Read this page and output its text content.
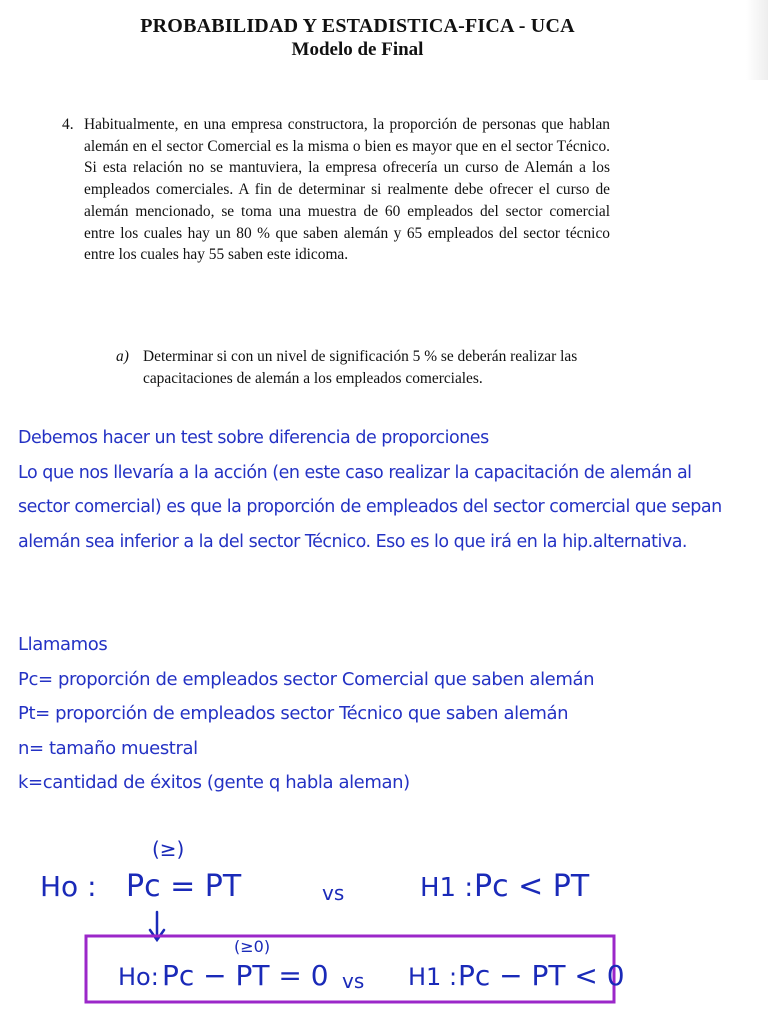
PROBABILIDAD Y ESTADISTICA-FICA - UCA
Modelo de Final
4. Habitualmente, en una empresa constructora, la proporción de personas que hablan alemán en el sector Comercial es la misma o bien es mayor que en el sector Técnico. Si esta relación no se mantuviera, la empresa ofrecería un curso de Alemán a los empleados comerciales. A fin de determinar si realmente debe ofrecer el curso de alemán mencionado, se toma una muestra de 60 empleados del sector comercial entre los cuales hay un 80 % que saben alemán y 65 empleados del sector técnico entre los cuales hay 55 saben este idicoma.
a) Determinar si con un nivel de significación 5 % se deberán realizar las capacitaciones de alemán a los empleados comerciales.

Debemos hacer un test sobre diferencia de proporciones

Lo que nos llevaría a la acción (en este caso realizar la capacitación de alemán al

sector comercial) es que la proporción de empleados del sector comercial que sepan

alemán sea inferior a la del sector Técnico. Eso es lo que irá en la hip.alternativa.

Llamamos

Pc= proporción de empleados sector Comercial que saben alemán

Pt= proporción de empleados sector Técnico que saben alemán

n= tamaño muestral

k=cantidad de éxitos (gente q habla aleman)

(≥)
Ho : Pc = PT	vs	H1 : Pc < PT
(≥0)
Ho: Pc − PT = 0 vs H1 : Pc − PT < 0
